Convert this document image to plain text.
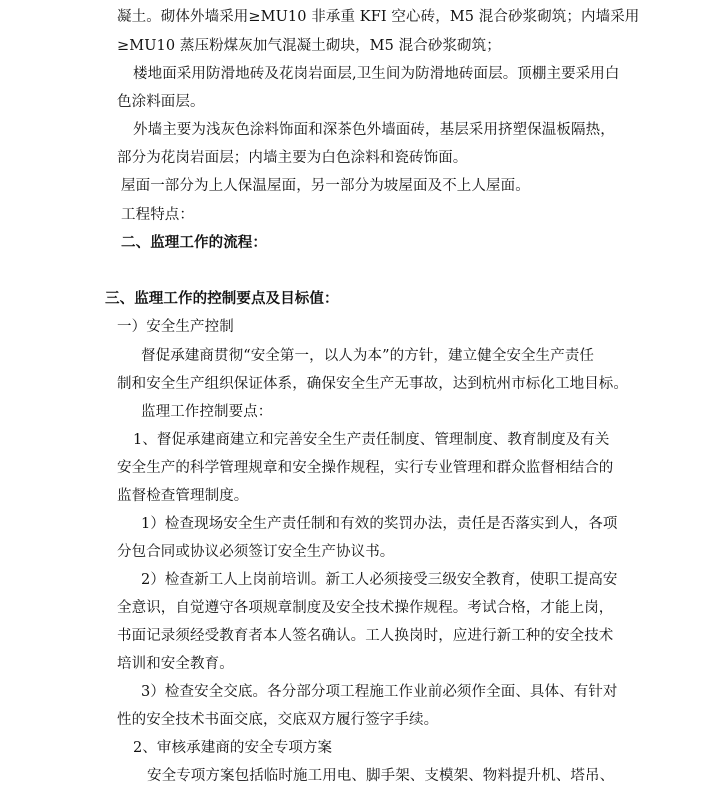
凝土。砌体外墙采用≥MU10 非承重 KFI 空心砖，M5 混合砂浆砌筑；内墙采用
≥MU10 蒸压粉煤灰加气混凝土砌块，M5 混合砂浆砌筑；
楼地面采用防滑地砖及花岗岩面层,卫生间为防滑地砖面层。顶棚主要采用白
色涂料面层。
外墙主要为浅灰色涂料饰面和深茶色外墙面砖，基层采用挤塑保温板隔热，
部分为花岗岩面层；内墙主要为白色涂料和瓷砖饰面。
屋面一部分为上人保温屋面，另一部分为坡屋面及不上人屋面。
工程特点：
二、监理工作的流程：
三、监理工作的控制要点及目标值：
一）安全生产控制
督促承建商贯彻“安全第一，以人为本”的方针，建立健全安全生产责任
制和安全生产组织保证体系，确保安全生产无事故，达到杭州市标化工地目标。
监理工作控制要点：
1、督促承建商建立和完善安全生产责任制度、管理制度、教育制度及有关
安全生产的科学管理规章和安全操作规程，实行专业管理和群众监督相结合的
监督检查管理制度。
1）检查现场安全生产责任制和有效的奖罚办法，责任是否落实到人，各项
分包合同或协议必须签订安全生产协议书。
2）检查新工人上岗前培训。新工人必须接受三级安全教育，使职工提高安
全意识，自觉遵守各项规章制度及安全技术操作规程。考试合格，才能上岗，
书面记录须经受教育者本人签名确认。工人换岗时，应进行新工种的安全技术
培训和安全教育。
3）检查安全交底。各分部分项工程施工作业前必须作全面、具体、有针对
性的安全技术书面交底，交底双方履行签字手续。
2、审核承建商的安全专项方案
安全专项方案包括临时施工用电、脚手架、支模架、物料提升机、塔吊、
